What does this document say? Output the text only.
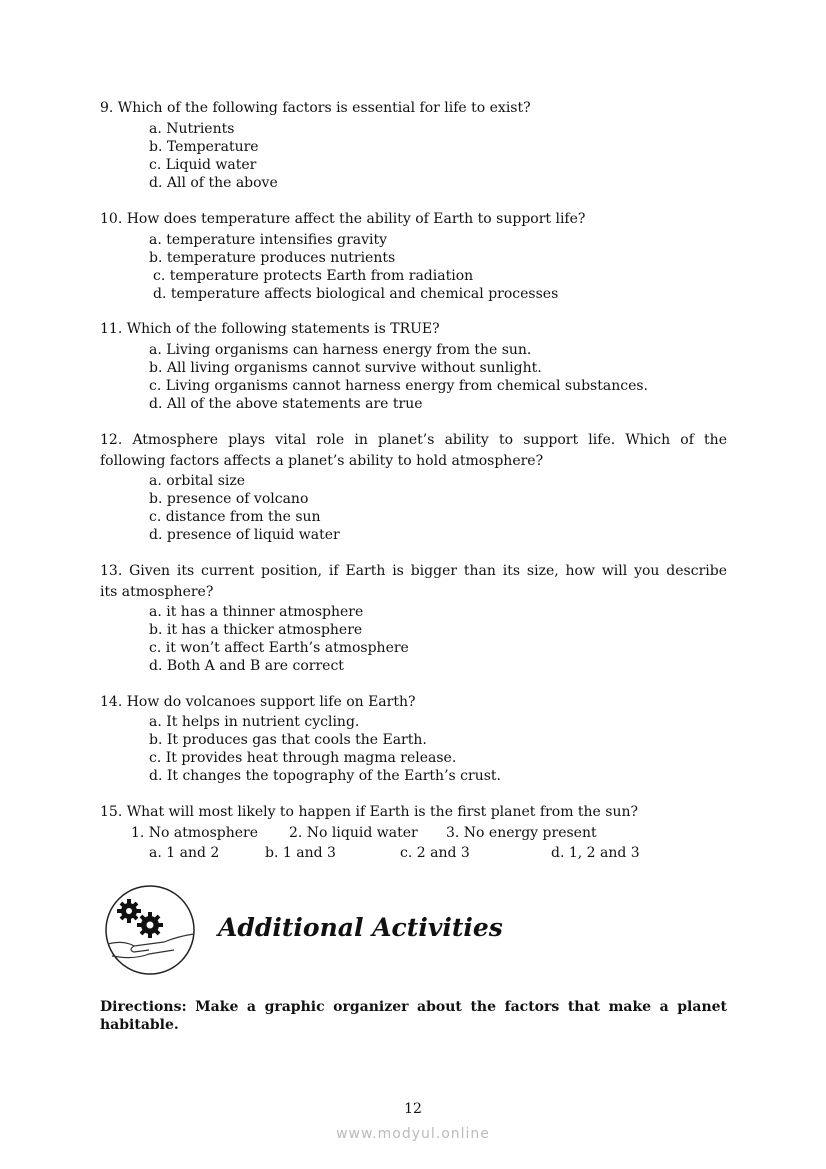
9. Which of the following factors is essential for life to exist?
a. Nutrients
b. Temperature
c. Liquid water
d. All of the above
10. How does temperature affect the ability of Earth to support life?
a. temperature intensifies gravity
b. temperature produces nutrients
c. temperature protects Earth from radiation
d. temperature affects biological and chemical processes
11. Which of the following statements is TRUE?
a. Living organisms can harness energy from the sun.
b. All living organisms cannot survive without sunlight.
c. Living organisms cannot harness energy from chemical substances.
d. All of the above statements are true
12. Atmosphere plays vital role in planet’s ability to support life. Which of the
following factors affects a planet’s ability to hold atmosphere?
a. orbital size
b. presence of volcano
c. distance from the sun
d. presence of liquid water
13. Given its current position, if Earth is bigger than its size, how will you describe
its atmosphere?
a. it has a thinner atmosphere
b. it has a thicker atmosphere
c. it won’t affect Earth’s atmosphere
d. Both A and B are correct
14. How do volcanoes support life on Earth?
a. It helps in nutrient cycling.
b. It produces gas that cools the Earth.
c. It provides heat through magma release.
d. It changes the topography of the Earth’s crust.
15. What will most likely to happen if Earth is the first planet from the sun?
1. No atmosphere 2. No liquid water 3. No energy present
a. 1 and 2	b. 1 and 3	c. 2 and 3	d. 1, 2 and 3
Additional Activities
Directions: Make a graphic organizer about the factors that make a planet habitable.
12
www.modyul.online
